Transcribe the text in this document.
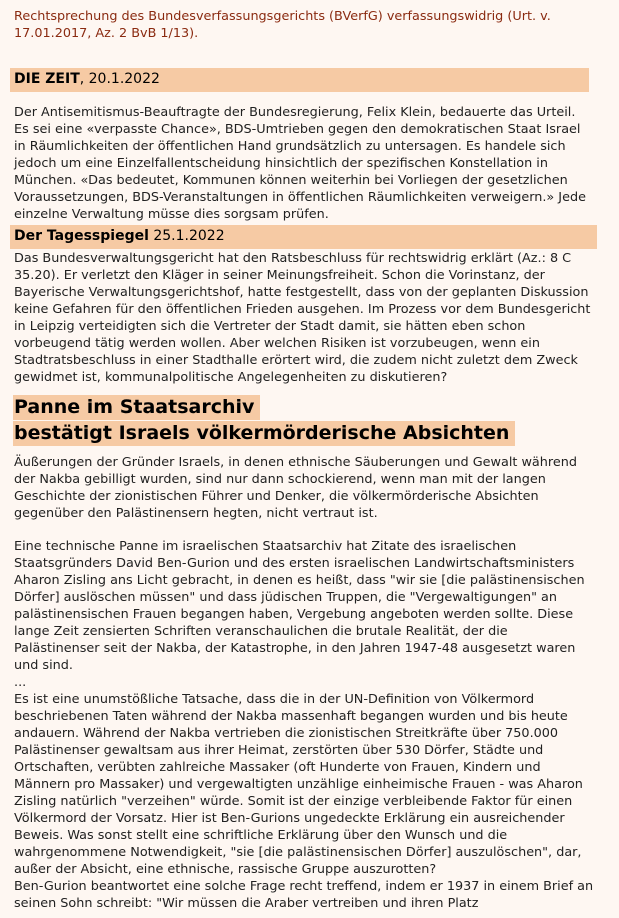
Rechtsprechung des Bundesverfassungsgerichts (BVerfG) verfassungswidrig (Urt. v. 17.01.2017, Az. 2 BvB 1/13).

DIE ZEIT, 20.1.2022

Der Antisemitismus-Beauftragte der Bundesregierung, Felix Klein, bedauerte das Urteil. Es sei eine «verpasste Chance», BDS-Umtrieben gegen den demokratischen Staat Israel in Räumlichkeiten der öffentlichen Hand grundsätzlich zu untersagen. Es handele sich jedoch um eine Einzelfallentscheidung hinsichtlich der spezifischen Konstellation in München. «Das bedeutet, Kommunen können weiterhin bei Vorliegen der gesetzlichen Voraussetzungen, BDS-Veranstaltungen in öffentlichen Räumlichkeiten verweigern.» Jede einzelne Verwaltung müsse dies sorgsam prüfen.

Der Tagesspiegel 25.1.2022

Das Bundesverwaltungsgericht hat den Ratsbeschluss für rechtswidrig erklärt (Az.: 8 C 35.20). Er verletzt den Kläger in seiner Meinungsfreiheit. Schon die Vorinstanz, der Bayerische Verwaltungsgerichtshof, hatte festgestellt, dass von der geplanten Diskussion keine Gefahren für den öffentlichen Frieden ausgehen. Im Prozess vor dem Bundesgericht in Leipzig verteidigten sich die Vertreter der Stadt damit, sie hätten eben schon vorbeugend tätig werden wollen. Aber welchen Risiken ist vorzubeugen, wenn ein Stadtratsbeschluss in einer Stadthalle erörtert wird, die zudem nicht zuletzt dem Zweck gewidmet ist, kommunalpolitische Angelegenheiten zu diskutieren?

Panne im Staatsarchiv
bestätigt Israels völkermörderische Absichten

Äußerungen der Gründer Israels, in denen ethnische Säuberungen und Gewalt während der Nakba gebilligt wurden, sind nur dann schockierend, wenn man mit der langen Geschichte der zionistischen Führer und Denker, die völkermörderische Absichten gegenüber den Palästinensern hegten, nicht vertraut ist.

Eine technische Panne im israelischen Staatsarchiv hat Zitate des israelischen Staatsgründers David Ben-Gurion und des ersten israelischen Landwirtschaftsministers Aharon Zisling ans Licht gebracht, in denen es heißt, dass "wir sie [die palästinensischen Dörfer] auslöschen müssen" und dass jüdischen Truppen, die "Vergewaltigungen" an palästinensischen Frauen begangen haben, Vergebung angeboten werden sollte. Diese lange Zeit zensierten Schriften veranschaulichen die brutale Realität, der die Palästinenser seit der Nakba, der Katastrophe, in den Jahren 1947-48 ausgesetzt waren und sind.

...

Es ist eine unumstößliche Tatsache, dass die in der UN-Definition von Völkermord beschriebenen Taten während der Nakba massenhaft begangen wurden und bis heute andauern. Während der Nakba vertrieben die zionistischen Streitkräfte über 750.000 Palästinenser gewaltsam aus ihrer Heimat, zerstörten über 530 Dörfer, Städte und Ortschaften, verübten zahlreiche Massaker (oft Hunderte von Frauen, Kindern und Männern pro Massaker) und vergewaltigten unzählige einheimische Frauen - was Aharon Zisling natürlich "verzeihen" würde. Somit ist der einzige verbleibende Faktor für einen Völkermord der Vorsatz. Hier ist Ben-Gurions ungedeckte Erklärung ein ausreichender Beweis. Was sonst stellt eine schriftliche Erklärung über den Wunsch und die wahrgenommene Notwendigkeit, "sie [die palästinensischen Dörfer] auszulöschen", dar, außer der Absicht, eine ethnische, rassische Gruppe auszurotten?

Ben-Gurion beantwortet eine solche Frage recht treffend, indem er 1937 in einem Brief an seinen Sohn schreibt: "Wir müssen die Araber vertreiben und ihren Platz
